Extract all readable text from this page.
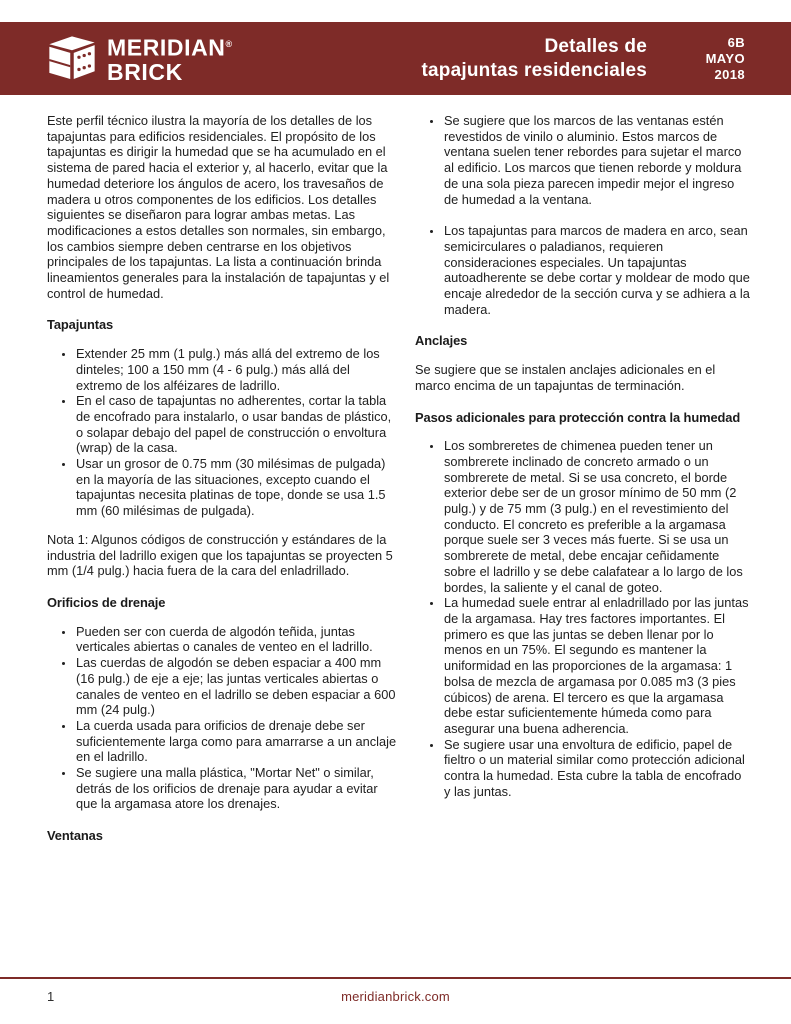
MERIDIAN®
BRICK
Detalles de
tapajuntas residenciales
6B
MAYO
2018

Este perfil técnico ilustra la mayoría de los detalles de los tapajuntas para edificios residenciales. El propósito de los tapajuntas es dirigir la humedad que se ha acumulado en el sistema de pared hacia el exterior y, al hacerlo, evitar que la humedad deteriore los ángulos de acero, los travesaños de madera u otros componentes de los edificios. Los detalles siguientes se diseñaron para lograr ambas metas. Las modificaciones a estos detalles son normales, sin embargo, los cambios siempre deben centrarse en los objetivos principales de los tapajuntas. La lista a continuación brinda lineamientos generales para la instalación de tapajuntas y el control de humedad.

Tapajuntas
• Extender 25 mm (1 pulg.) más allá del extremo de los dinteles; 100 a 150 mm (4 - 6 pulg.) más allá del extremo de los alféizares de ladrillo.
• En el caso de tapajuntas no adherentes, cortar la tabla de encofrado para instalarlo, o usar bandas de plástico, o solapar debajo del papel de construcción o envoltura (wrap) de la casa.
• Usar un grosor de 0.75 mm (30 milésimas de pulgada) en la mayoría de las situaciones, excepto cuando el tapajuntas necesita platinas de tope, donde se usa 1.5 mm (60 milésimas de pulgada).

Nota 1: Algunos códigos de construcción y estándares de la industria del ladrillo exigen que los tapajuntas se proyecten 5 mm (1/4 pulg.) hacia fuera de la cara del enladrillado.

Orificios de drenaje
• Pueden ser con cuerda de algodón teñida, juntas verticales abiertas o canales de venteo en el ladrillo.
• Las cuerdas de algodón se deben espaciar a 400 mm (16 pulg.) de eje a eje; las juntas verticales abiertas o canales de venteo en el ladrillo se deben espaciar a 600 mm (24 pulg.)
• La cuerda usada para orificios de drenaje debe ser suficientemente larga como para amarrarse a un anclaje en el ladrillo.
• Se sugiere una malla plástica, "Mortar Net" o similar, detrás de los orificios de drenaje para ayudar a evitar que la argamasa atore los drenajes.
Ventanas
• Se sugiere que los marcos de las ventanas estén revestidos de vinilo o aluminio. Estos marcos de ventana suelen tener rebordes para sujetar el marco al edificio. Los marcos que tienen reborde y moldura de una sola pieza parecen impedir mejor el ingreso de humedad a la ventana.
• Los tapajuntas para marcos de madera en arco, sean semicirculares o paladianos, requieren consideraciones especiales. Un tapajuntas autoadherente se debe cortar y moldear de modo que encaje alrededor de la sección curva y se adhiera a la madera.
Anclajes

Se sugiere que se instalen anclajes adicionales en el marco encima de un tapajuntas de terminación.

Pasos adicionales para protección contra la humedad
• Los sombreretes de chimenea pueden tener un sombrerete inclinado de concreto armado o un sombrerete de metal. Si se usa concreto, el borde exterior debe ser de un grosor mínimo de 50 mm (2 pulg.) y de 75 mm (3 pulg.) en el revestimiento del conducto. El concreto es preferible a la argamasa porque suele ser 3 veces más fuerte. Si se usa un sombrerete de metal, debe encajar ceñidamente sobre el ladrillo y se debe calafatear a lo largo de los bordes, la saliente y el canal de goteo.
• La humedad suele entrar al enladrillado por las juntas de la argamasa. Hay tres factores importantes. El primero es que las juntas se deben llenar por lo menos en un 75%. El segundo es mantener la uniformidad en las proporciones de la argamasa: 1 bolsa de mezcla de argamasa por 0.085 m3 (3 pies cúbicos) de arena. El tercero es que la argamasa debe estar suficientemente húmeda como para asegurar una buena adherencia.
• Se sugiere usar una envoltura de edificio, papel de fieltro o un material similar como protección adicional contra la humedad. Esta cubre la tabla de encofrado y las juntas.
1	meridianbrick.com
